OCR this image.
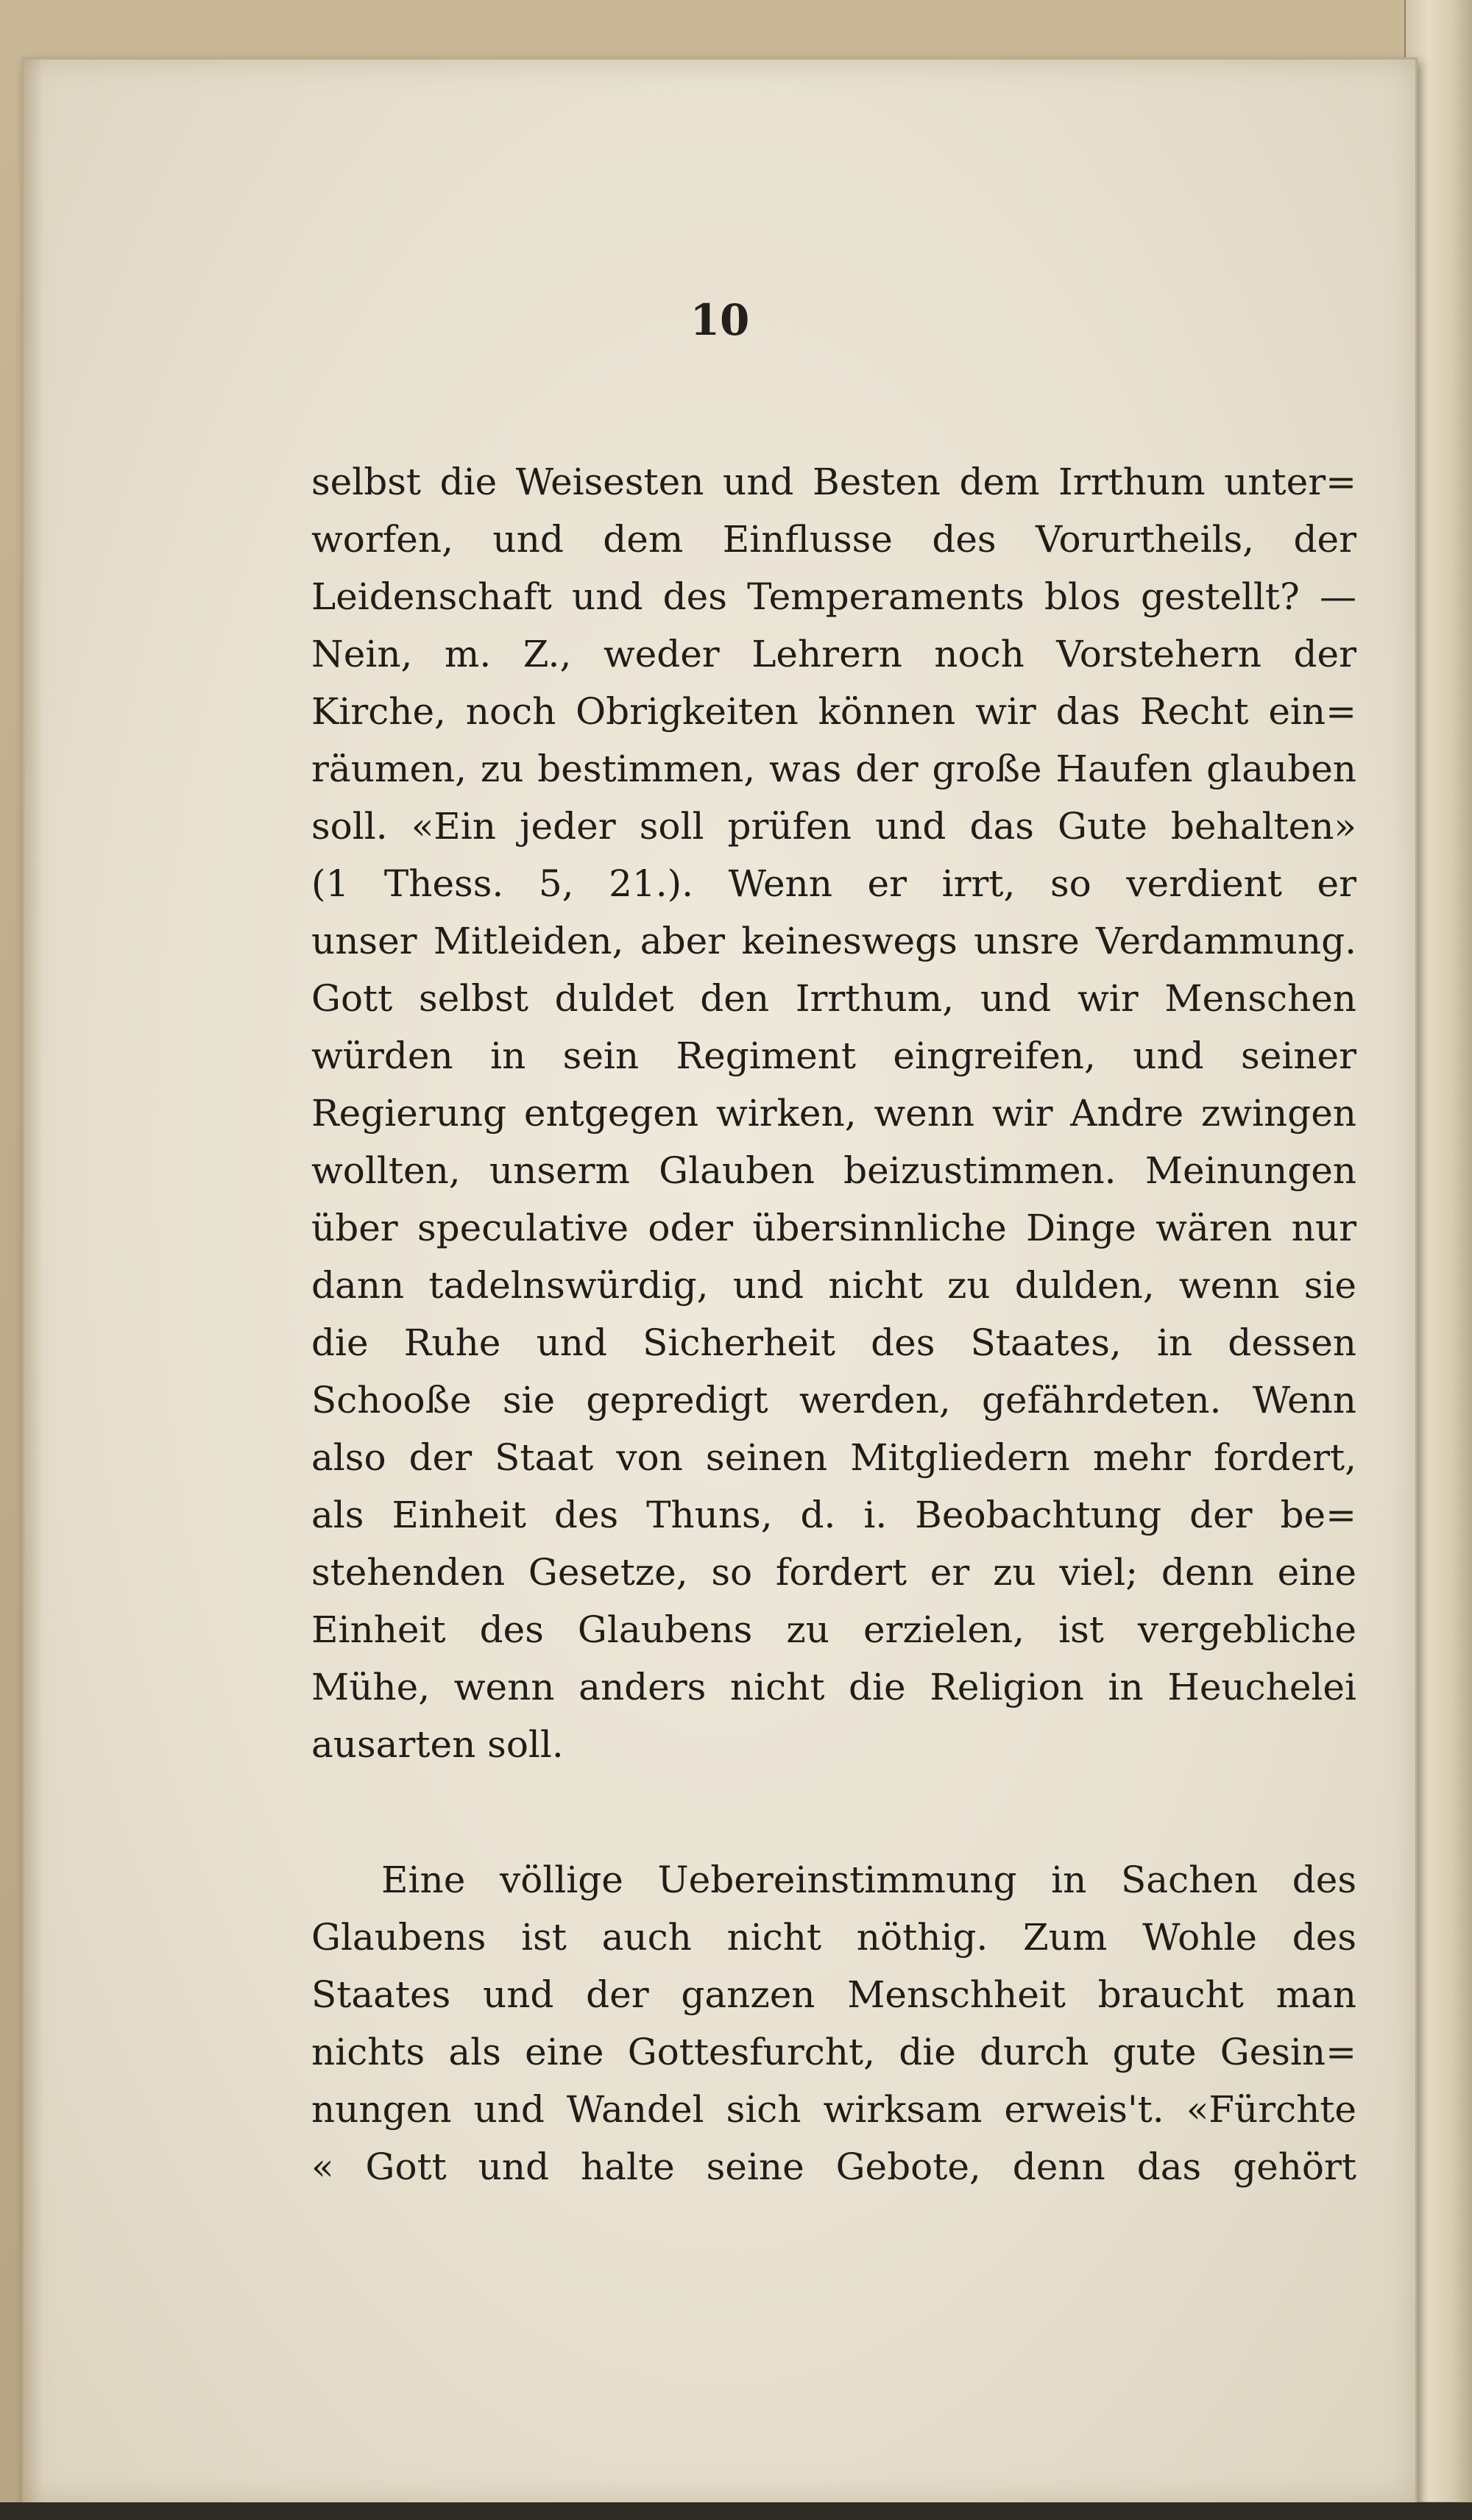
10
selbst die Weisesten und Besten dem Irrthum unter=
worfen, und dem Einflusse des Vorurtheils, der
Leidenschaft und des Temperaments blos gestellt? —
Nein, m. Z., weder Lehrern noch Vorstehern der
Kirche, noch Obrigkeiten können wir das Recht ein=
räumen, zu bestimmen, was der große Haufen glauben
soll. «Ein jeder soll prüfen und das Gute behalten»
(1 Thess. 5, 21.). Wenn er irrt, so verdient er
unser Mitleiden, aber keineswegs unsre Verdammung.
Gott selbst duldet den Irrthum, und wir Menschen
würden in sein Regiment eingreifen, und seiner
Regierung entgegen wirken, wenn wir Andre zwingen
wollten, unserm Glauben beizustimmen. Meinungen
über speculative oder übersinnliche Dinge wären nur
dann tadelnswürdig, und nicht zu dulden, wenn sie
die Ruhe und Sicherheit des Staates, in dessen
Schooße sie gepredigt werden, gefährdeten. Wenn
also der Staat von seinen Mitgliedern mehr fordert,
als Einheit des Thuns, d. i. Beobachtung der be=
stehenden Gesetze, so fordert er zu viel; denn eine
Einheit des Glaubens zu erzielen, ist vergebliche
Mühe, wenn anders nicht die Religion in Heuchelei
ausarten soll.
Eine völlige Uebereinstimmung in Sachen des
Glaubens ist auch nicht nöthig. Zum Wohle des
Staates und der ganzen Menschheit braucht man
nichts als eine Gottesfurcht, die durch gute Gesin=
nungen und Wandel sich wirksam erweis't. «Fürchte
« Gott und halte seine Gebote, denn das gehört
